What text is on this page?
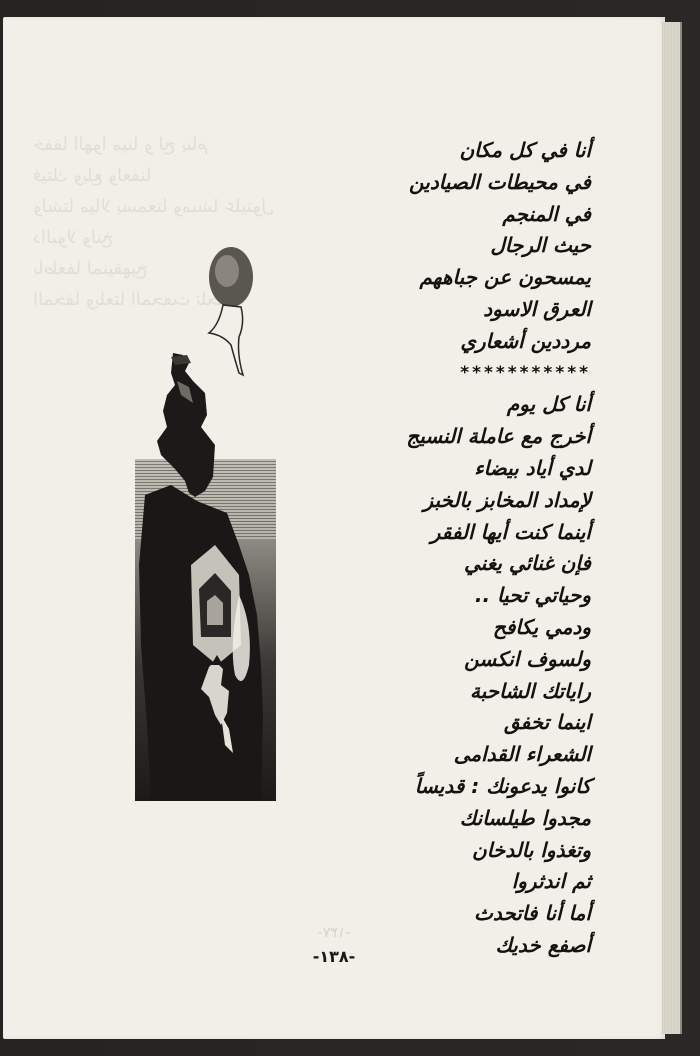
خففا الهوا مينا و لخ ينام
فيتك ويلع ولعفنا
ولشتا ميالا يسمعتا ومبشا عليتول
دالبولا ولنخ
باطعفا لمنيقهيخ
المخفا ويلعتا المحفت تلحتا
أنا في كل مكان
في محيطات الصيادين
في المنجم
حيث الرجال
يمسحون عن جباههم
العرق الاسود
مرددين أشعاري
***********
أنا كل يوم
أخرج مع عاملة النسيج
لدي أياد بيضاء
لإمداد المخابز بالخبز
أينما كنت أيها الفقر
فإن غنائي يغني
وحياتي تحيا ..
ودمي يكافح
ولسوف انكسن
راياتك الشاحبة
اينما تخفق
الشعراء القدامى
كانوا يدعونك : قديساً
مجدوا طيلسانك
وتغذوا بالدخان
ثم اندثروا
أما أنا فاتحدث
أصفع خديك
-١٣٧-
-١٣٨-
